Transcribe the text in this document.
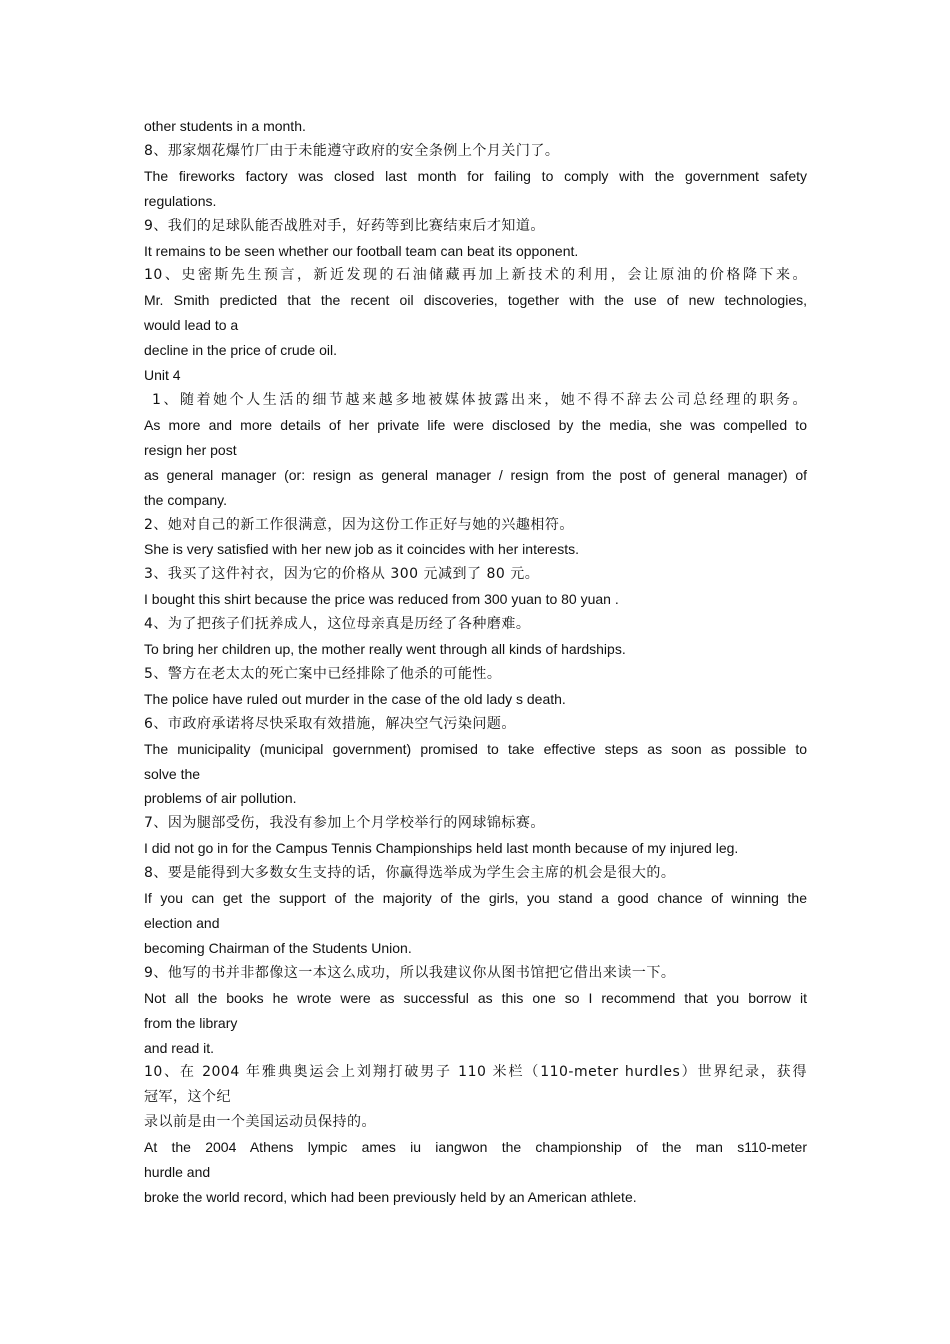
other students in a month.
8、那家烟花爆竹厂由于未能遵守政府的安全条例上个月关门了。
The fireworks factory was closed last month for failing to comply with the government safety
regulations.
9、我们的足球队能否战胜对手，好药等到比赛结束后才知道。
It remains to be seen whether our football team can beat its opponent.
10、史密斯先生预言，新近发现的石油储藏再加上新技术的利用，会让原油的价格降下来。
Mr. Smith predicted that the recent oil discoveries, together with the use of new technologies,
would lead to a
decline in the price of crude oil.
Unit 4
1、随着她个人生活的细节越来越多地被媒体披露出来，她不得不辞去公司总经理的职务。
As more and more details of her private life were disclosed by the media, she was compelled to
resign her post
as general manager (or: resign as general manager / resign from the post of general manager) of
the company.
2、她对自己的新工作很满意，因为这份工作正好与她的兴趣相符。
She is very satisfied with her new job as it coincides with her interests.
3、我买了这件衬衣，因为它的价格从 300 元减到了 80 元。
I bought this shirt because the price was reduced from 300 yuan to 80 yuan .
4、为了把孩子们抚养成人，这位母亲真是历经了各种磨难。
To bring her children up, the mother really went through all kinds of hardships.
5、警方在老太太的死亡案中已经排除了他杀的可能性。
The police have ruled out murder in the case of the old lady s death.
6、市政府承诺将尽快采取有效措施，解决空气污染问题。
The municipality (municipal government) promised to take effective steps as soon as possible to
solve the
problems of air pollution.
7、因为腿部受伤，我没有参加上个月学校举行的网球锦标赛。
I did not go in for the Campus Tennis Championships held last month because of my injured leg.
8、要是能得到大多数女生支持的话，你赢得选举成为学生会主席的机会是很大的。
If you can get the support of the majority of the girls, you stand a good chance of winning the
election and
becoming Chairman of the Students Union.
9、他写的书并非都像这一本这么成功，所以我建议你从图书馆把它借出来读一下。
Not all the books he wrote were as successful as this one so I recommend that you borrow it
from the library
and read it.
10、在 2004 年雅典奥运会上刘翔打破男子 110 米栏（110-meter hurdles）世界纪录，获得
冠军，这个纪
录以前是由一个美国运动员保持的。
At the 2004 Athens lympic ames iu iangwon the championship of the man s110-meter
hurdle and
broke the world record, which had been previously held by an American athlete.
